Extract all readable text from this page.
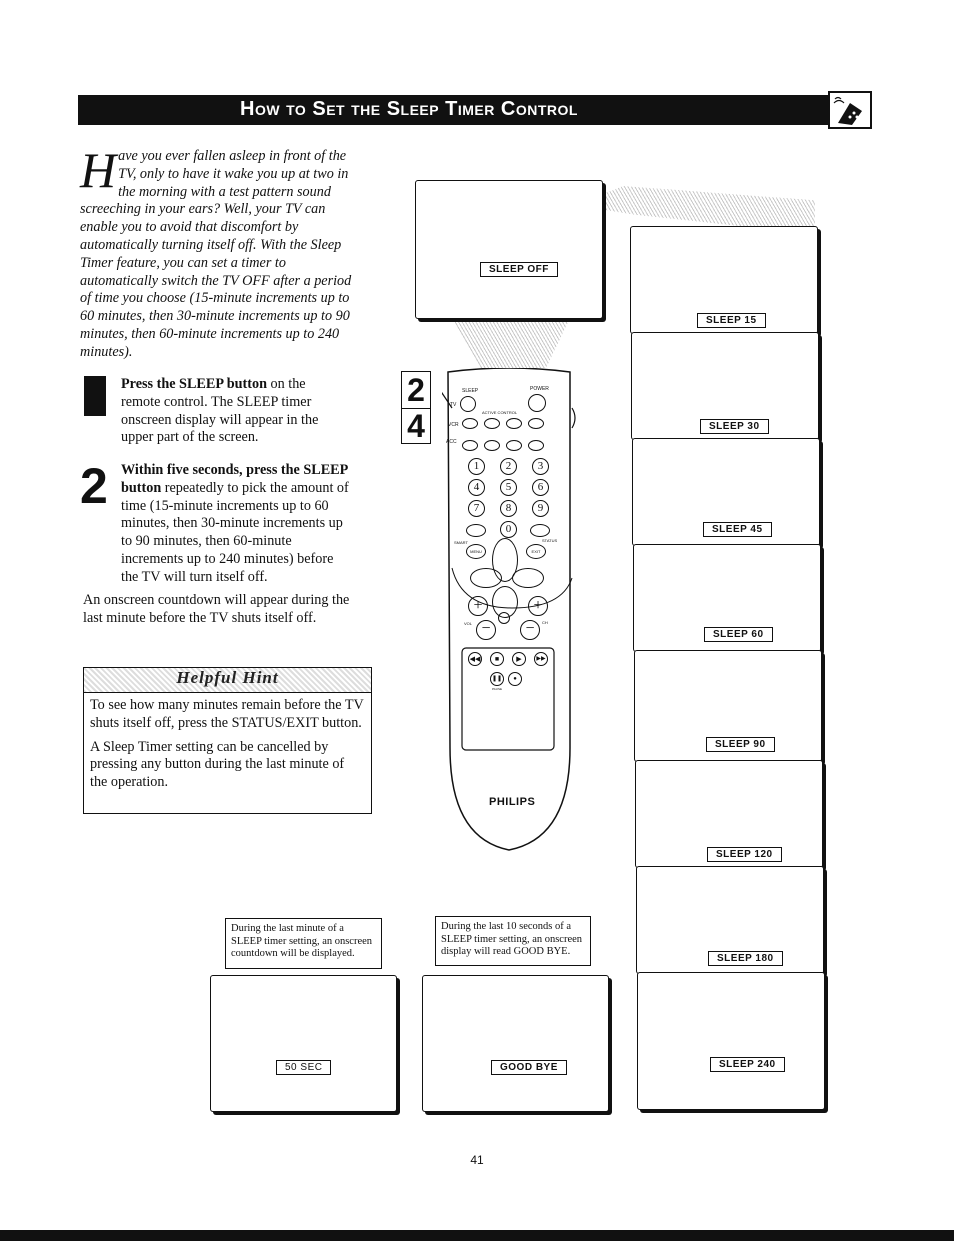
How to Set the Sleep Timer Control
Have you ever fallen asleep in front of the TV, only to have it wake you up at two in the morning with a test pattern sound screeching in your ears? Well, your TV can enable you to avoid that discomfort by automatically turning itself off. With the Sleep Timer feature, you can set a timer to automatically switch the TV OFF after a period of time you choose (15-minute increments up to 60 minutes, then 30-minute increments up to 90 minutes, then 60-minute increments up to 240 minutes).
Press the SLEEP button on the remote control. The SLEEP timer onscreen display will appear in the upper part of the screen.
2 Within five seconds, press the SLEEP button repeatedly to pick the amount of time (15-minute increments up to 60 minutes, then 30-minute increments up to 90 minutes, then 60-minute increments up to 240 minutes) before the TV will turn itself off.
An onscreen countdown will appear during the last minute before the TV shuts itself off.
Helpful Hint

To see how many minutes remain before the TV shuts itself off, press the STATUS/EXIT button.

A Sleep Timer setting can be cancelled by pressing any button during the last minute of the operation.

SLEEP OFF
SLEEP 15
SLEEP 30
SLEEP 45
SLEEP 60
SLEEP 90
SLEEP 120
SLEEP 180
SLEEP 240
During the last minute of a SLEEP timer setting, an onscreen countdown will be displayed.
During the last 10 seconds of a SLEEP timer setting, an onscreen display will read GOOD BYE.
50 SEC	GOOD BYE
2
4
SLEEP	POWER
TV
ACTIVE CONTROL
VCR
ACC
1	2	3
4	5	6
7	8	9
0
SMART	STATUS
MENU	EXIT
+	+
VOL	CH
−	−
◀◀	■	▶	▶▶
❚❚	●
PAUSE
PHILIPS
41
